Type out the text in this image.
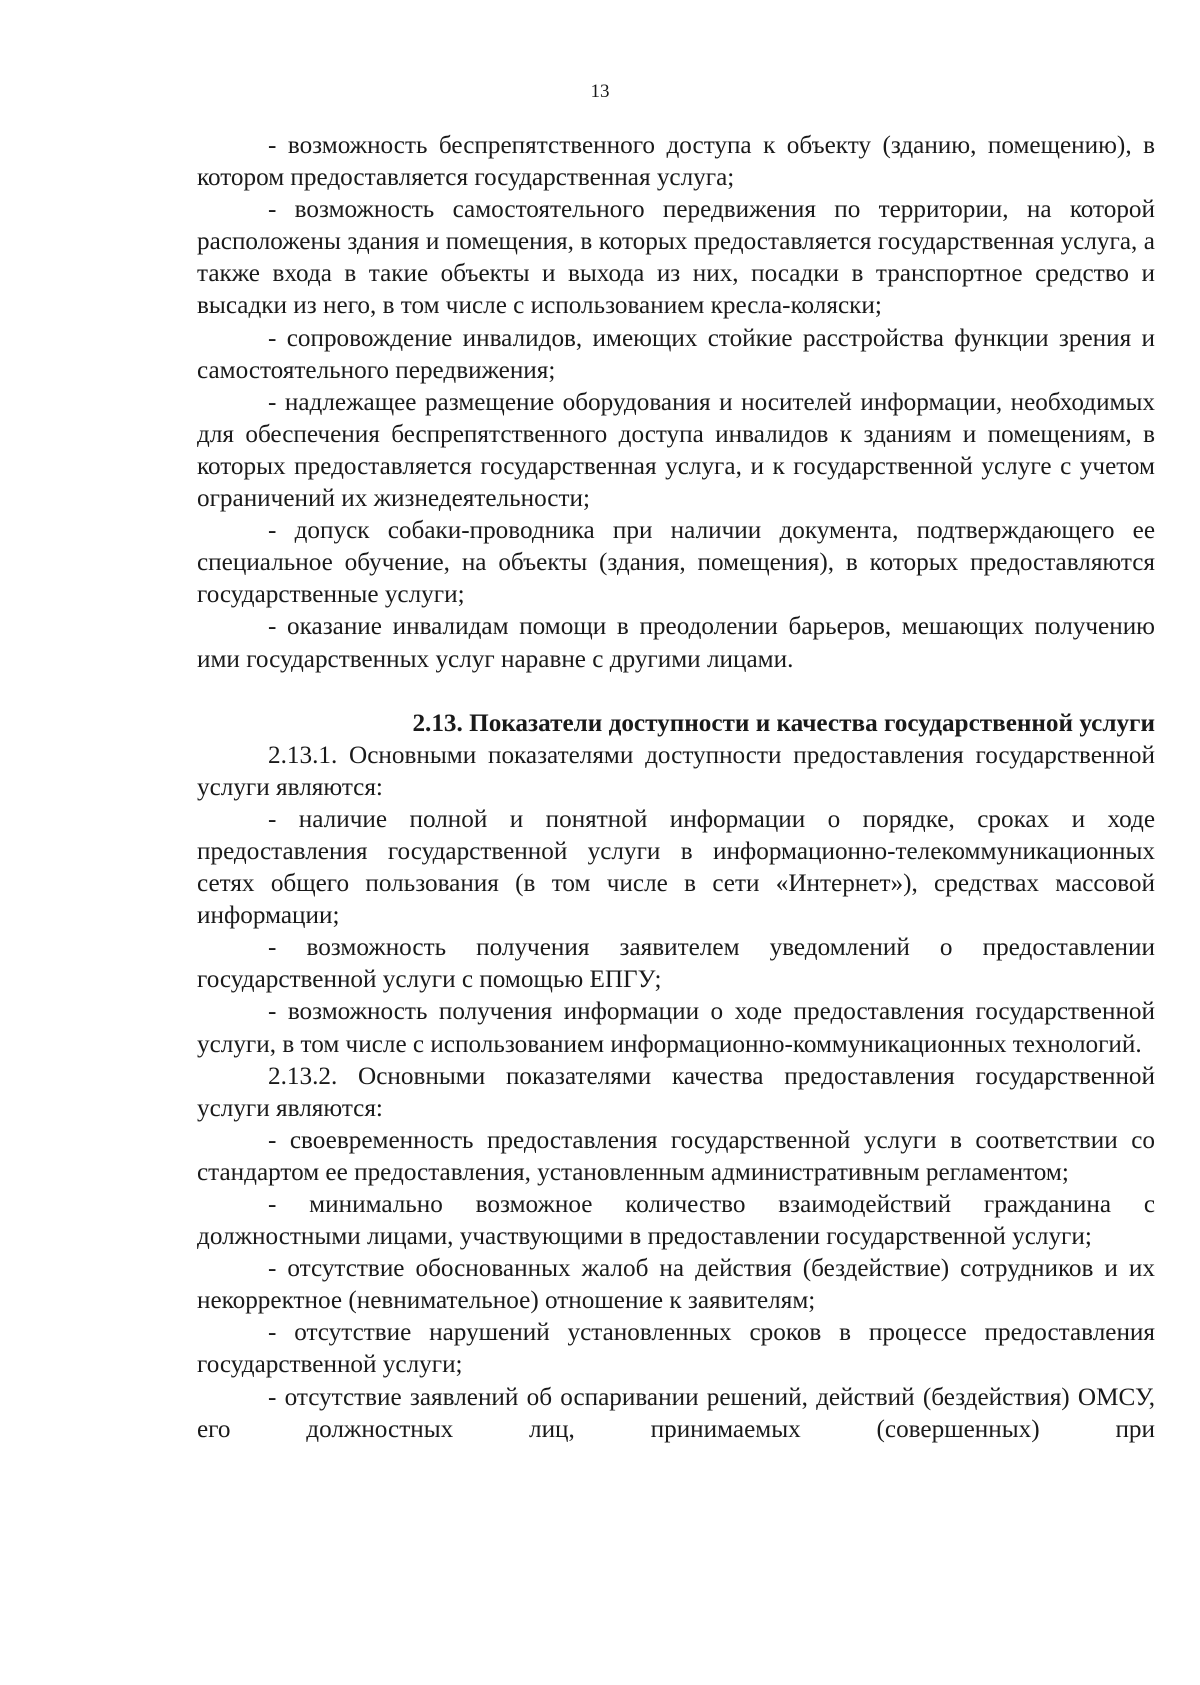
13

- возможность беспрепятственного доступа к объекту (зданию, помещению), в котором предоставляется государственная услуга;

- возможность самостоятельного передвижения по территории, на которой расположены здания и помещения, в которых предоставляется государственная услуга, а также входа в такие объекты и выхода из них, посадки в транспортное средство и высадки из него, в том числе с использованием кресла-коляски;

- сопровождение инвалидов, имеющих стойкие расстройства функции зрения и самостоятельного передвижения;

- надлежащее размещение оборудования и носителей информации, необходимых для обеспечения беспрепятственного доступа инвалидов к зданиям и помещениям, в которых предоставляется государственная услуга, и к государственной услуге с учетом ограничений их жизнедеятельности;

- допуск собаки-проводника при наличии документа, подтверждающего ее специальное обучение, на объекты (здания, помещения), в которых предоставляются государственные услуги;

- оказание инвалидам помощи в преодолении барьеров, мешающих получению ими государственных услуг наравне с другими лицами.

2.13. Показатели доступности и качества государственной услуги

2.13.1. Основными показателями доступности предоставления государственной услуги являются:

- наличие полной и понятной информации о порядке, сроках и ходе предоставления государственной услуги в информационно-телекоммуникационных сетях общего пользования (в том числе в сети «Интернет»), средствах массовой информации;

- возможность получения заявителем уведомлений о предоставлении государственной услуги с помощью ЕПГУ;

- возможность получения информации о ходе предоставления государственной услуги, в том числе с использованием информационно-коммуникационных технологий.

2.13.2. Основными показателями качества предоставления государственной услуги являются:

- своевременность предоставления государственной услуги в соответствии со стандартом ее предоставления, установленным административным регламентом;

- минимально возможное количество взаимодействий гражданина с должностными лицами, участвующими в предоставлении государственной услуги;

- отсутствие обоснованных жалоб на действия (бездействие) сотрудников и их некорректное (невнимательное) отношение к заявителям;

- отсутствие нарушений установленных сроков в процессе предоставления государственной услуги;

- отсутствие заявлений об оспаривании решений, действий (бездействия) ОМСУ, его должностных лиц, принимаемых (совершенных) при
